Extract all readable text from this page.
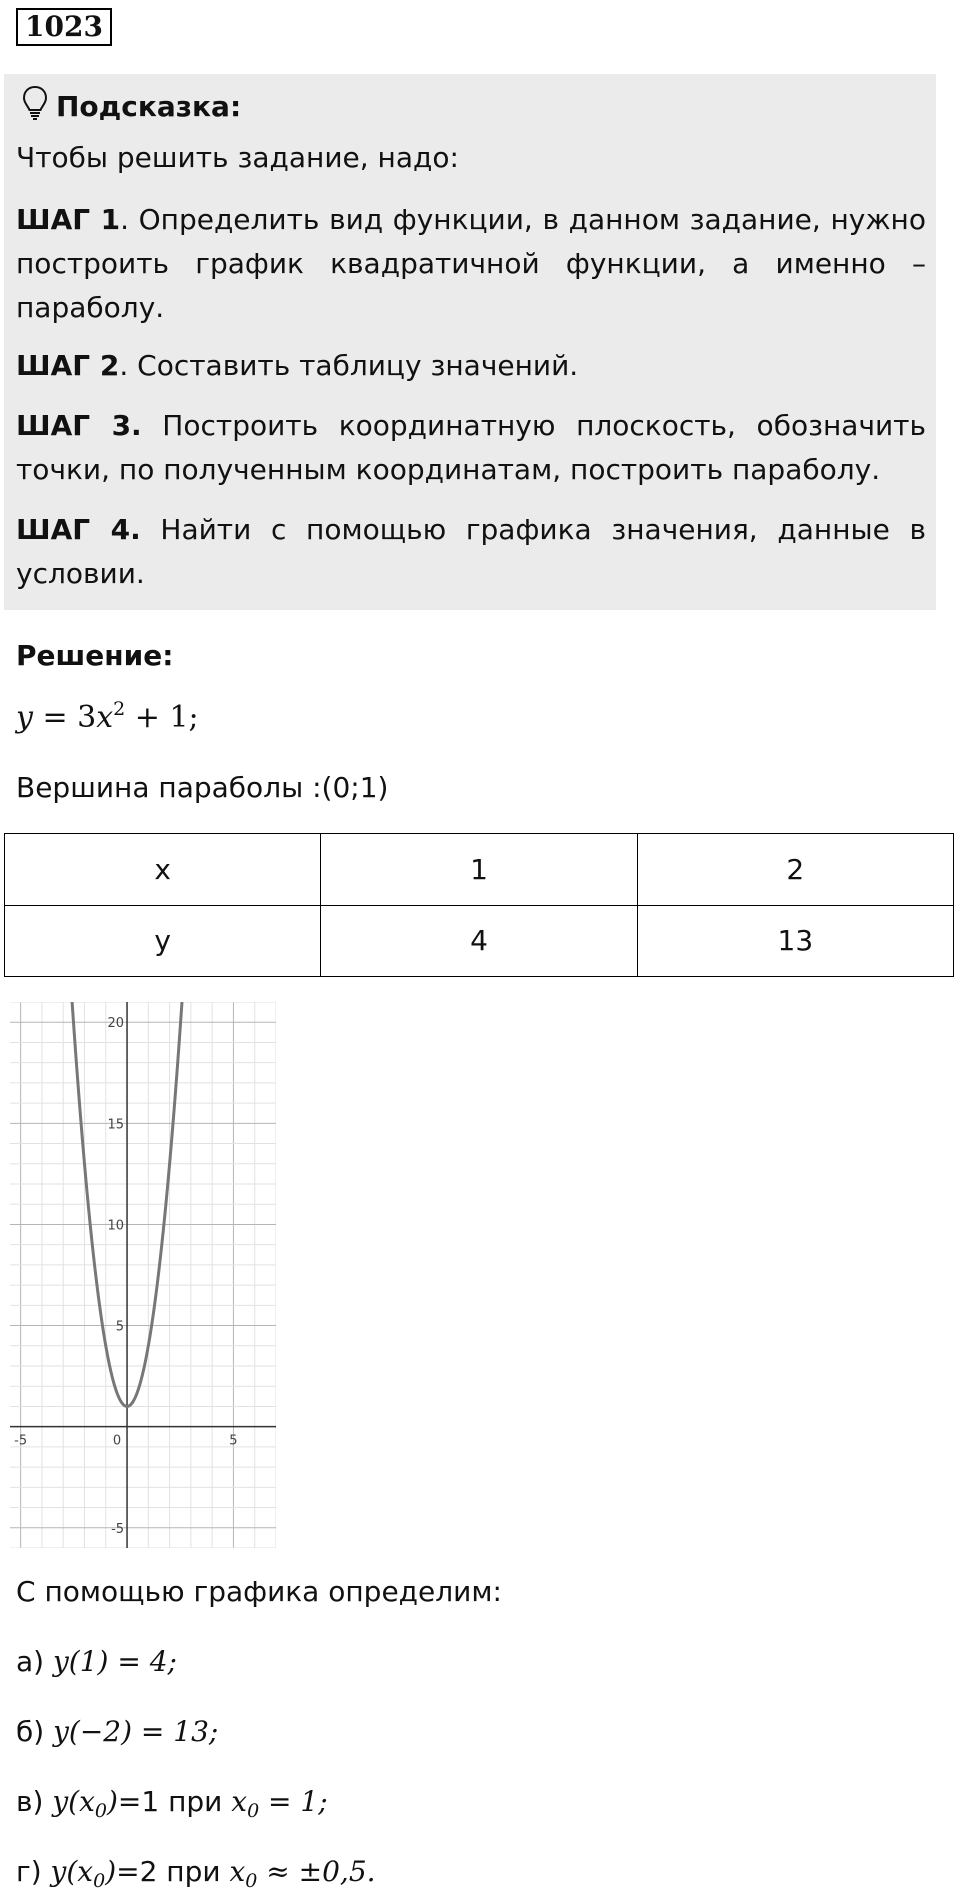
1023
Подсказка:
Чтобы решить задание, надо:
ШАГ 1. Определить вид функции, в данном задание, нужно построить график квадратичной функции, а именно – параболу.
ШАГ 2. Составить таблицу значений.
ШАГ 3. Построить координатную плоскость, обозначить точки, по полученным координатам, построить параболу.
ШАГ 4. Найти с помощью графика значения, данные в условии.
Решение:
$y = 3x^2 + 1$;
Вершина параболы :(0;1)
x	1	2
y	4	13
-5	0	5
20
15
10
5
-5
С помощью графика определим:
а) y(1) = 4;
б) y(−2) = 13;
в) $y(x_0)=1$ при $x_0 = 1$;
г) $y(x_0)=2$ при $x_0 \approx \pm 0,5$.
